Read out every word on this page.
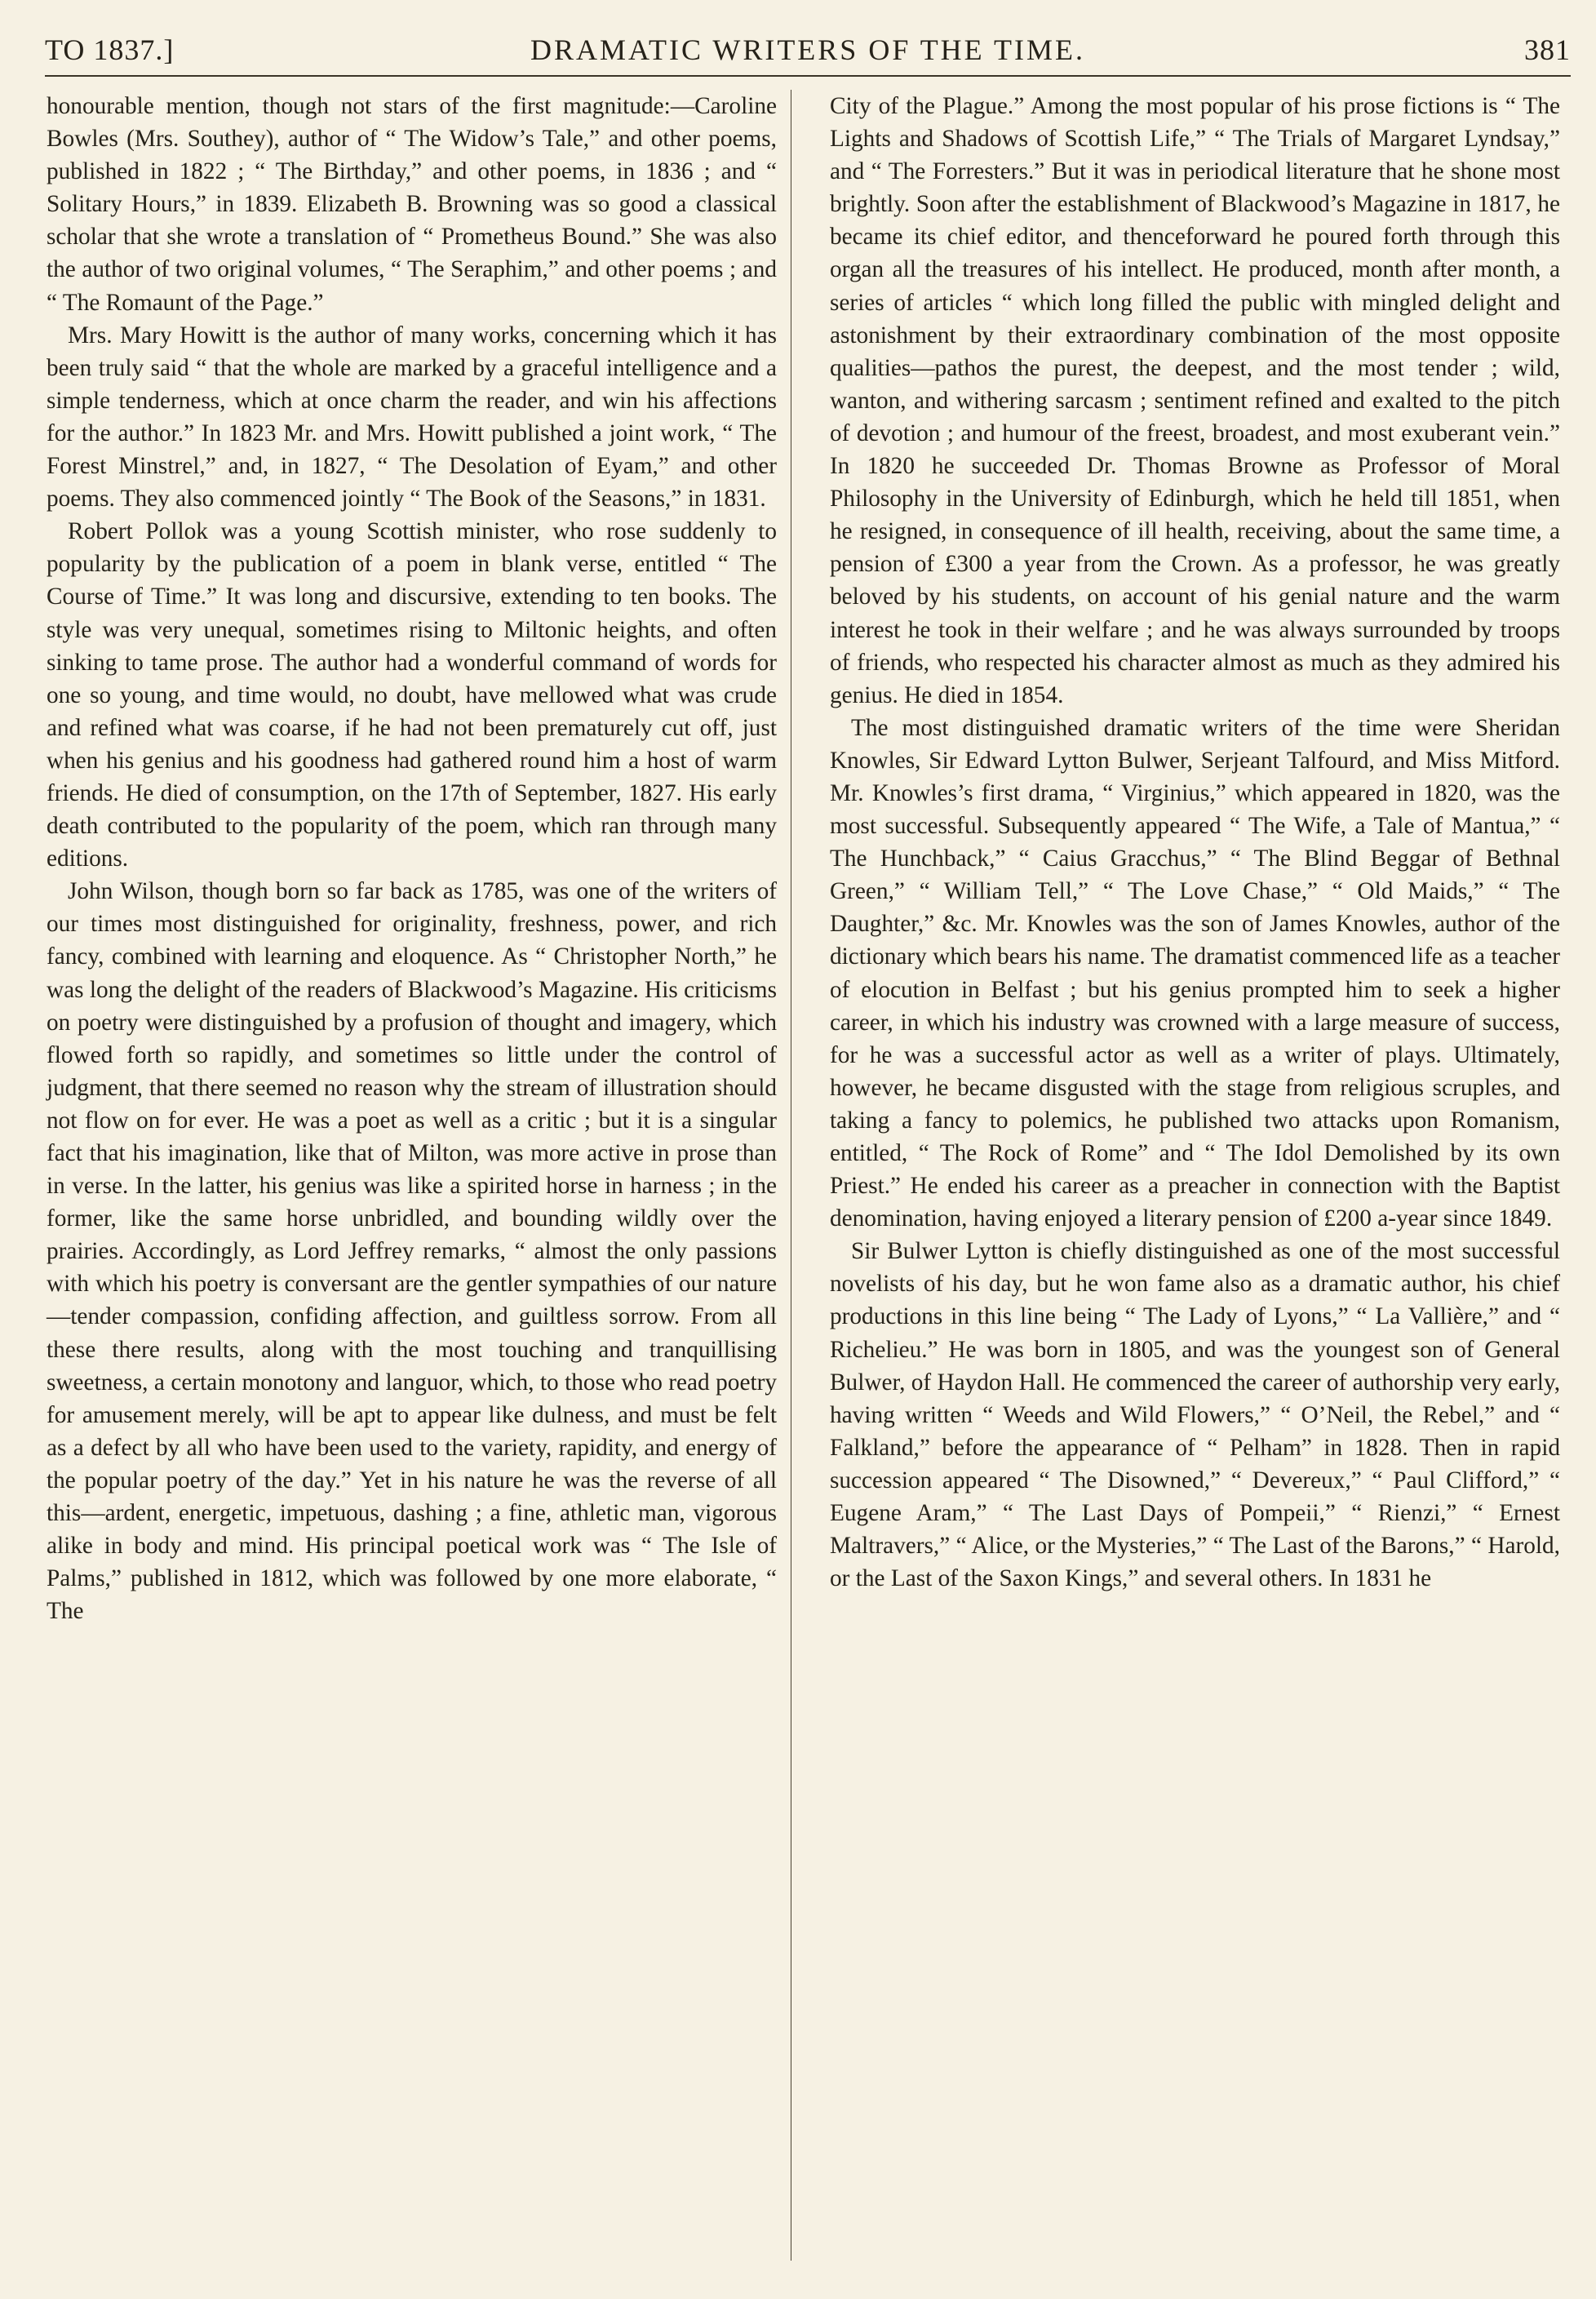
TO 1837.]	DRAMATIC WRITERS OF THE TIME.	381

honourable mention, though not stars of the first magnitude:—Caroline Bowles (Mrs. Southey), author of “ The Widow’s Tale,” and other poems, published in 1822 ; “ The Birthday,” and other poems, in 1836 ; and “ Solitary Hours,” in 1839. Elizabeth B. Browning was so good a classical scholar that she wrote a translation of “ Prometheus Bound.” She was also the author of two original volumes, “ The Seraphim,” and other poems ; and “ The Romaunt of the Page.”

Mrs. Mary Howitt is the author of many works, concerning which it has been truly said “ that the whole are marked by a graceful intelligence and a simple tenderness, which at once charm the reader, and win his affections for the author.” In 1823 Mr. and Mrs. Howitt published a joint work, “ The Forest Minstrel,” and, in 1827, “ The Desolation of Eyam,” and other poems. They also commenced jointly “ The Book of the Seasons,” in 1831.

Robert Pollok was a young Scottish minister, who rose suddenly to popularity by the publication of a poem in blank verse, entitled “ The Course of Time.” It was long and discursive, extending to ten books. The style was very unequal, sometimes rising to Miltonic heights, and often sinking to tame prose. The author had a wonderful command of words for one so young, and time would, no doubt, have mellowed what was crude and refined what was coarse, if he had not been prematurely cut off, just when his genius and his goodness had gathered round him a host of warm friends. He died of consumption, on the 17th of September, 1827. His early death contributed to the popularity of the poem, which ran through many editions.

John Wilson, though born so far back as 1785, was one of the writers of our times most distinguished for originality, freshness, power, and rich fancy, combined with learning and eloquence. As “ Christopher North,” he was long the delight of the readers of Blackwood’s Magazine. His criticisms on poetry were distinguished by a profusion of thought and imagery, which flowed forth so rapidly, and sometimes so little under the control of judgment, that there seemed no reason why the stream of illustration should not flow on for ever. He was a poet as well as a critic ; but it is a singular fact that his imagination, like that of Milton, was more active in prose than in verse. In the latter, his genius was like a spirited horse in harness ; in the former, like the same horse unbridled, and bounding wildly over the prairies. Accordingly, as Lord Jeffrey remarks, “ almost the only passions with which his poetry is conversant are the gentler sympathies of our nature—tender compassion, confiding affection, and guiltless sorrow. From all these there results, along with the most touching and tranquillising sweetness, a certain monotony and languor, which, to those who read poetry for amusement merely, will be apt to appear like dulness, and must be felt as a defect by all who have been used to the variety, rapidity, and energy of the popular poetry of the day.” Yet in his nature he was the reverse of all this—ardent, energetic, impetuous, dashing ; a fine, athletic man, vigorous alike in body and mind. His principal poetical work was “ The Isle of Palms,” published in 1812, which was followed by one more elaborate, “ The

City of the Plague.” Among the most popular of his prose fictions is “ The Lights and Shadows of Scottish Life,” “ The Trials of Margaret Lyndsay,” and “ The Forresters.” But it was in periodical literature that he shone most brightly. Soon after the establishment of Blackwood’s Magazine in 1817, he became its chief editor, and thenceforward he poured forth through this organ all the treasures of his intellect. He produced, month after month, a series of articles “ which long filled the public with mingled delight and astonishment by their extraordinary combination of the most opposite qualities—pathos the purest, the deepest, and the most tender ; wild, wanton, and withering sarcasm ; sentiment refined and exalted to the pitch of devotion ; and humour of the freest, broadest, and most exuberant vein.” In 1820 he succeeded Dr. Thomas Browne as Professor of Moral Philosophy in the University of Edinburgh, which he held till 1851, when he resigned, in consequence of ill health, receiving, about the same time, a pension of £300 a year from the Crown. As a professor, he was greatly beloved by his students, on account of his genial nature and the warm interest he took in their welfare ; and he was always surrounded by troops of friends, who respected his character almost as much as they admired his genius. He died in 1854.

The most distinguished dramatic writers of the time were Sheridan Knowles, Sir Edward Lytton Bulwer, Serjeant Talfourd, and Miss Mitford. Mr. Knowles’s first drama, “ Virginius,” which appeared in 1820, was the most successful. Subsequently appeared “ The Wife, a Tale of Mantua,” “ The Hunchback,” “ Caius Gracchus,” “ The Blind Beggar of Bethnal Green,” “ William Tell,” “ The Love Chase,” “ Old Maids,” “ The Daughter,” &c. Mr. Knowles was the son of James Knowles, author of the dictionary which bears his name. The dramatist commenced life as a teacher of elocution in Belfast ; but his genius prompted him to seek a higher career, in which his industry was crowned with a large measure of success, for he was a successful actor as well as a writer of plays. Ultimately, however, he became disgusted with the stage from religious scruples, and taking a fancy to polemics, he published two attacks upon Romanism, entitled, “ The Rock of Rome” and “ The Idol Demolished by its own Priest.” He ended his career as a preacher in connection with the Baptist denomination, having enjoyed a literary pension of £200 a-year since 1849.

Sir Bulwer Lytton is chiefly distinguished as one of the most successful novelists of his day, but he won fame also as a dramatic author, his chief productions in this line being “ The Lady of Lyons,” “ La Vallière,” and “ Richelieu.” He was born in 1805, and was the youngest son of General Bulwer, of Haydon Hall. He commenced the career of authorship very early, having written “ Weeds and Wild Flowers,” “ O’Neil, the Rebel,” and “ Falkland,” before the appearance of “ Pelham” in 1828. Then in rapid succession appeared “ The Disowned,” “ Devereux,” “ Paul Clifford,” “ Eugene Aram,” “ The Last Days of Pompeii,” “ Rienzi,” “ Ernest Maltravers,” “ Alice, or the Mysteries,” “ The Last of the Barons,” “ Harold, or the Last of the Saxon Kings,” and several others. In 1831 he
